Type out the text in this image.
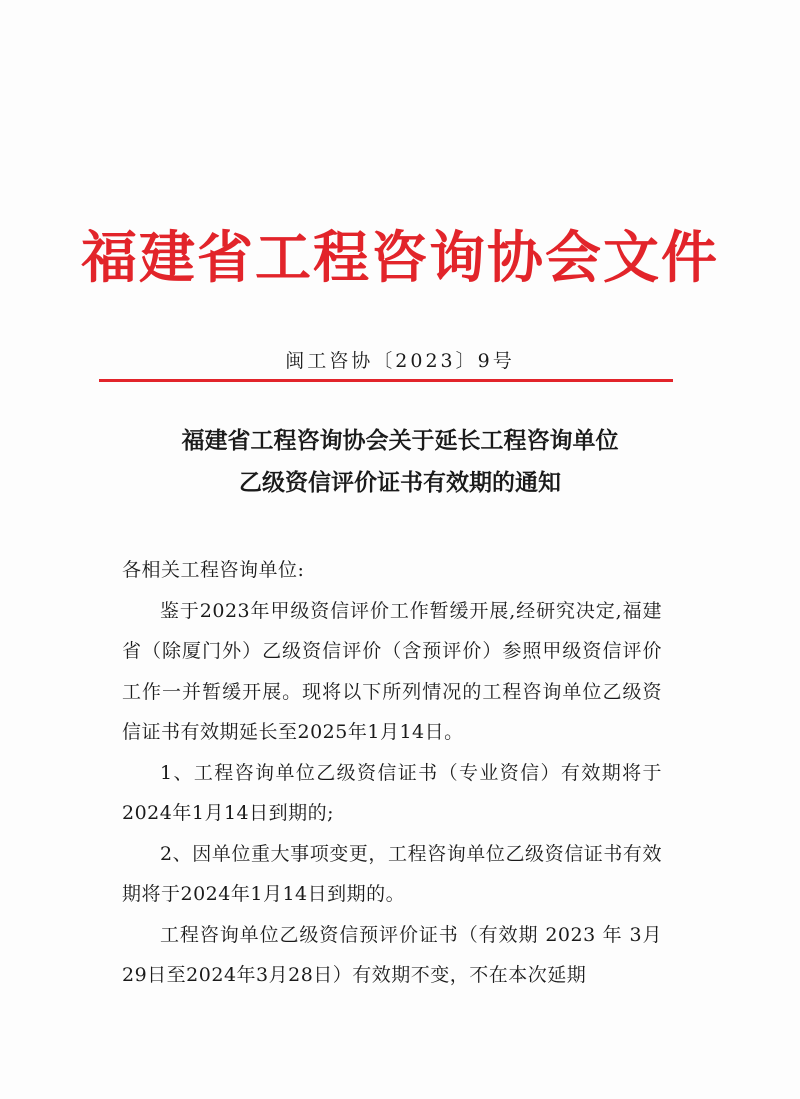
福建省工程咨询协会文件
闽工咨协〔2023〕9号
福建省工程咨询协会关于延长工程咨询单位
乙级资信评价证书有效期的通知

各相关工程咨询单位:

鉴于2023年甲级资信评价工作暂缓开展,经研究决定,福建省（除厦门外）乙级资信评价（含预评价）参照甲级资信评价工作一并暂缓开展。现将以下所列情况的工程咨询单位乙级资信证书有效期延长至2025年1月14日。

1、工程咨询单位乙级资信证书（专业资信）有效期将于2024年1月14日到期的;

2、因单位重大事项变更，工程咨询单位乙级资信证书有效期将于2024年1月14日到期的。

工程咨询单位乙级资信预评价证书（有效期 2023 年 3月29日至2024年3月28日）有效期不变，不在本次延期
